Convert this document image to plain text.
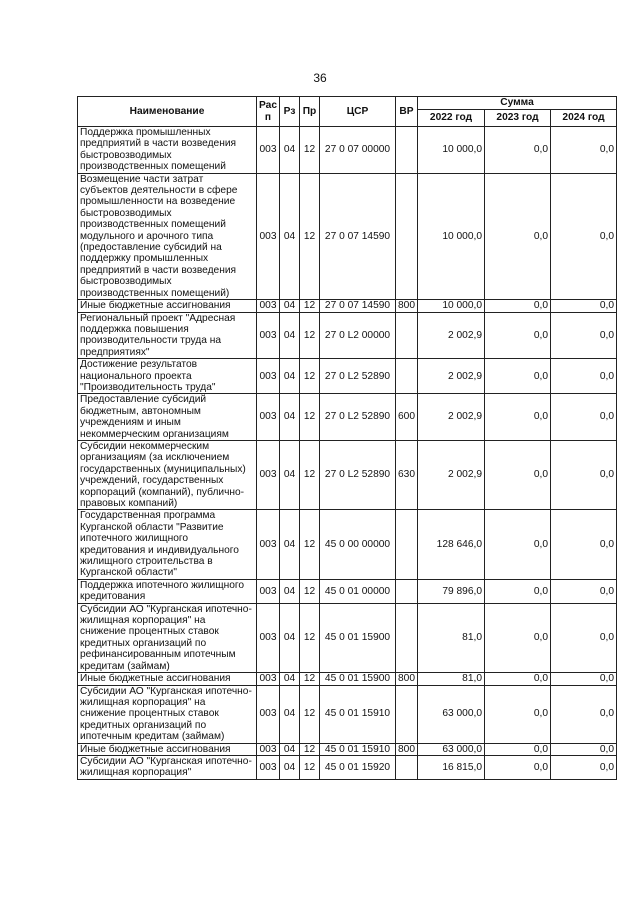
36
Наименование	Рас п	Рз	Пр	ЦСР	ВР	Сумма		
						2022 год	2023 год	2024 год
Поддержка промышленных предприятий в части возведения быстровозводимых производственных помещений	003	04	12	27 0 07 00000		10 000,0	0,0	0,0
Возмещение части затрат субъектов деятельности в сфере промышленности на возведение быстровозводимых производственных помещений модульного и арочного типа (предоставление субсидий на поддержку промышленных предприятий в части возведения быстровозводимых производственных помещений)	003	04	12	27 0 07 14590		10 000,0	0,0	0,0
Иные бюджетные ассигнования	003	04	12	27 0 07 14590	800	10 000,0	0,0	0,0
Региональный проект "Адресная поддержка повышения производительности труда на предприятиях"	003	04	12	27 0 L2 00000		2 002,9	0,0	0,0
Достижение результатов национального проекта "Производительность труда"	003	04	12	27 0 L2 52890		2 002,9	0,0	0,0
Предоставление субсидий бюджетным, автономным учреждениям и иным некоммерческим организациям	003	04	12	27 0 L2 52890	600	2 002,9	0,0	0,0
Субсидии некоммерческим организациям (за исключением государственных (муниципальных) учреждений, государственных корпораций (компаний), публично-правовых компаний)	003	04	12	27 0 L2 52890	630	2 002,9	0,0	0,0
Государственная программа Курганской области "Развитие ипотечного жилищного кредитования и индивидуального жилищного строительства в Курганской области"	003	04	12	45 0 00 00000		128 646,0	0,0	0,0
Поддержка ипотечного жилищного кредитования	003	04	12	45 0 01 00000		79 896,0	0,0	0,0
Субсидии АО "Курганская ипотечно-жилищная корпорация" на снижение процентных ставок кредитных организаций по рефинансированным ипотечным кредитам (займам)	003	04	12	45 0 01 15900		81,0	0,0	0,0
Иные бюджетные ассигнования	003	04	12	45 0 01 15900	800	81,0	0,0	0,0
Субсидии АО "Курганская ипотечно-жилищная корпорация" на снижение процентных ставок кредитных организаций по ипотечным кредитам (займам)	003	04	12	45 0 01 15910		63 000,0	0,0	0,0
Иные бюджетные ассигнования	003	04	12	45 0 01 15910	800	63 000,0	0,0	0,0
Субсидии АО "Курганская ипотечно-жилищная корпорация"	003	04	12	45 0 01 15920		16 815,0	0,0	0,0
